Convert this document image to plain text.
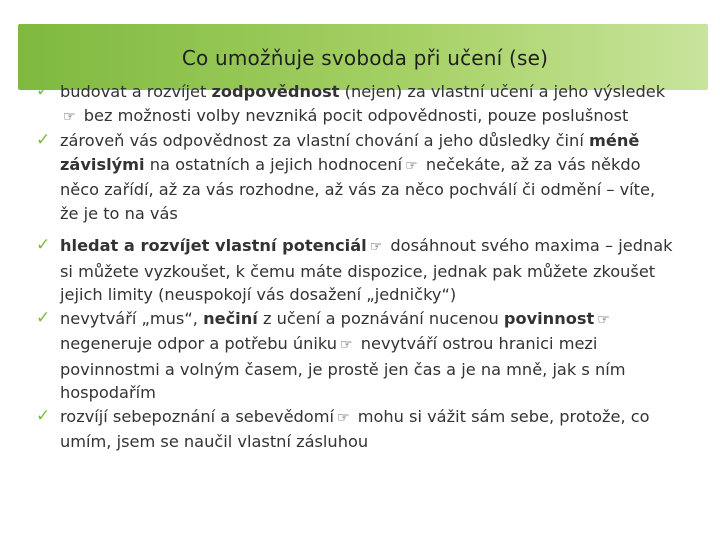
Co umožňuje svoboda při učení (se)
✓ budovat a rozvíjet zodpovědnost (nejen) za vlastní učení a jeho výsledek☞ bez možnosti volby nevzniká pocit odpovědnosti, pouze poslušnost
✓ zároveň vás odpovědnost za vlastní chování a jeho důsledky činí méně závislými na ostatních a jejich hodnocení ☞ nečekáte, až za vás někdo něco zařídí, až za vás rozhodne, až vás za něco pochválí či odmění – víte, že je to na vás
✓ hledat a rozvíjet vlastní potenciál ☞ dosáhnout svého maxima – jednak si můžete vyzkoušet, k čemu máte dispozice, jednak pak můžete zkoušet jejich limity (neuspokojí vás dosažení „jedničky“)
✓ nevytváří „mus“, nečiní z učení a poznávání nucenou povinnost ☞ negeneruje odpor a potřebu úniku ☞ nevytváří ostrou hranici mezi povinnostmi a volným časem, je prostě jen čas a je na mně, jak s ním hospodařím
✓ rozvíjí sebepoznání a sebevědomí ☞ mohu si vážit sám sebe, protože, co umím, jsem se naučil vlastní zásluhou
